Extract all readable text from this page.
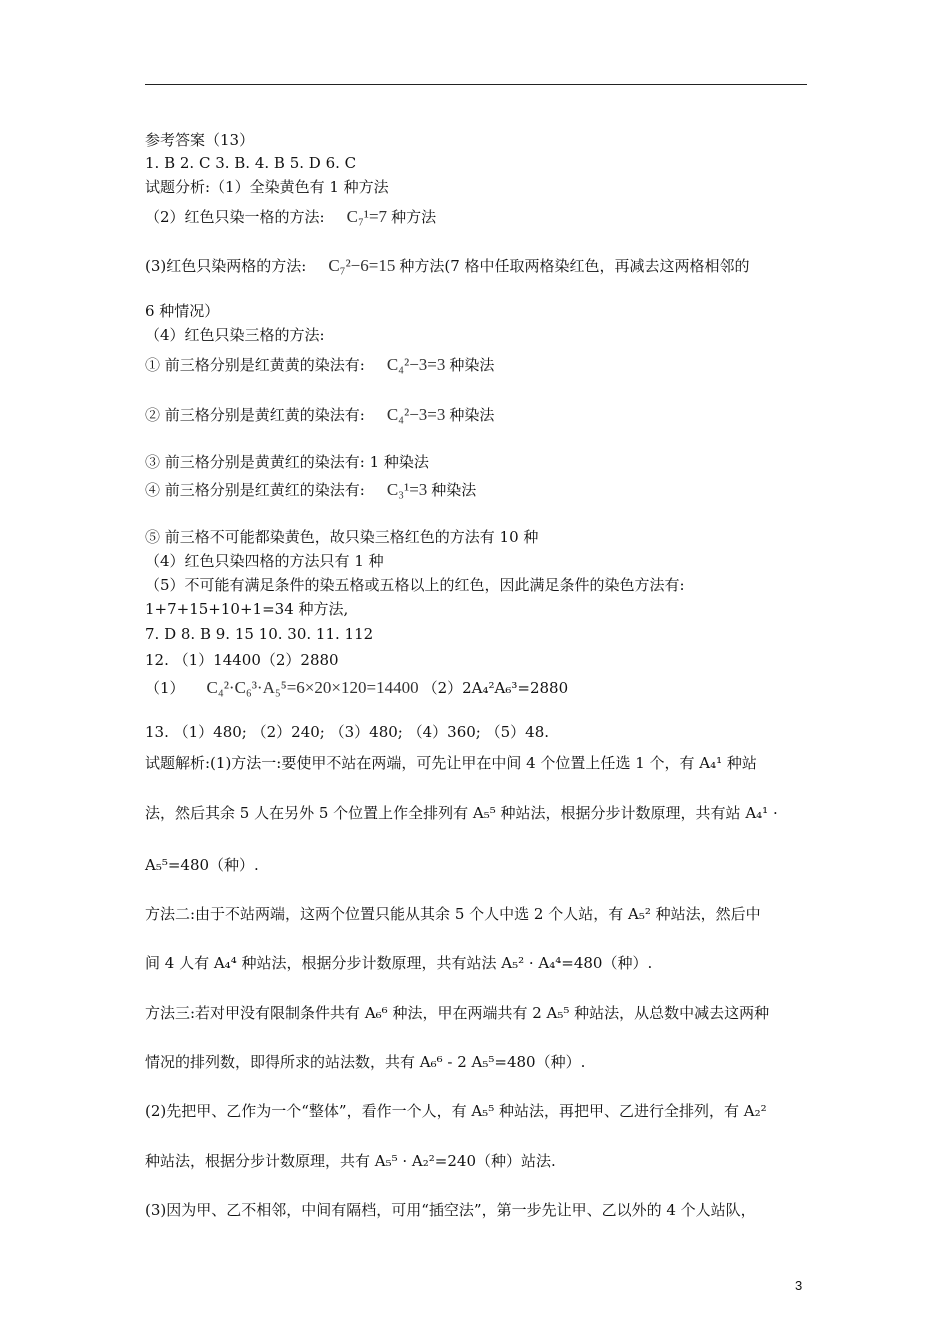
参考答案（13）
1. B 2. C 3. B. 4. B 5. D 6. C
试题分析:（1）全染黄色有 1 种方法
（2）红色只染一格的方法: C₇¹=7 种方法
(3)红色只染两格的方法: C₇²−6=15 种方法(7 格中任取两格染红色，再减去这两格相邻的
6 种情况）
（4）红色只染三格的方法:
① 前三格分别是红黄黄的染法有: C₄²−3=3 种染法
② 前三格分别是黄红黄的染法有: C₄²−3=3 种染法
③ 前三格分别是黄黄红的染法有: 1 种染法
④ 前三格分别是红黄红的染法有: C₃¹=3 种染法
⑤ 前三格不可能都染黄色，故只染三格红色的方法有 10 种
（4）红色只染四格的方法只有 1 种
（5）不可能有满足条件的染五格或五格以上的红色，因此满足条件的染色方法有:
1+7+15+10+1=34 种方法,
7. D 8. B 9. 15 10. 30. 11. 112
12. （1）14400（2）2880
（1） C₄²·C₆³·A₅⁵=6×20×120=14400 （2）2A₄²A₆³=2880
13. （1）480; （2）240; （3）480; （4）360; （5）48.
试题解析:(1)方法一:要使甲不站在两端，可先让甲在中间 4 个位置上任选 1 个，有 A₄¹ 种站
法，然后其余 5 人在另外 5 个位置上作全排列有 A₅⁵ 种站法，根据分步计数原理，共有站 A₄¹ ·
A₅⁵=480（种）.
方法二:由于不站两端，这两个位置只能从其余 5 个人中选 2 个人站，有 A₅² 种站法，然后中
间 4 人有 A₄⁴ 种站法，根据分步计数原理，共有站法 A₅² · A₄⁴=480（种）.
方法三:若对甲没有限制条件共有 A₆⁶ 种法，甲在两端共有 2 A₅⁵ 种站法，从总数中减去这两种
情况的排列数，即得所求的站法数，共有 A₆⁶ - 2 A₅⁵=480（种）.
(2)先把甲、乙作为一个“整体”，看作一个人，有 A₅⁵ 种站法，再把甲、乙进行全排列，有 A₂²
种站法，根据分步计数原理，共有 A₅⁵ · A₂²=240（种）站法.
(3)因为甲、乙不相邻，中间有隔档，可用“插空法”，第一步先让甲、乙以外的 4 个人站队，
3
